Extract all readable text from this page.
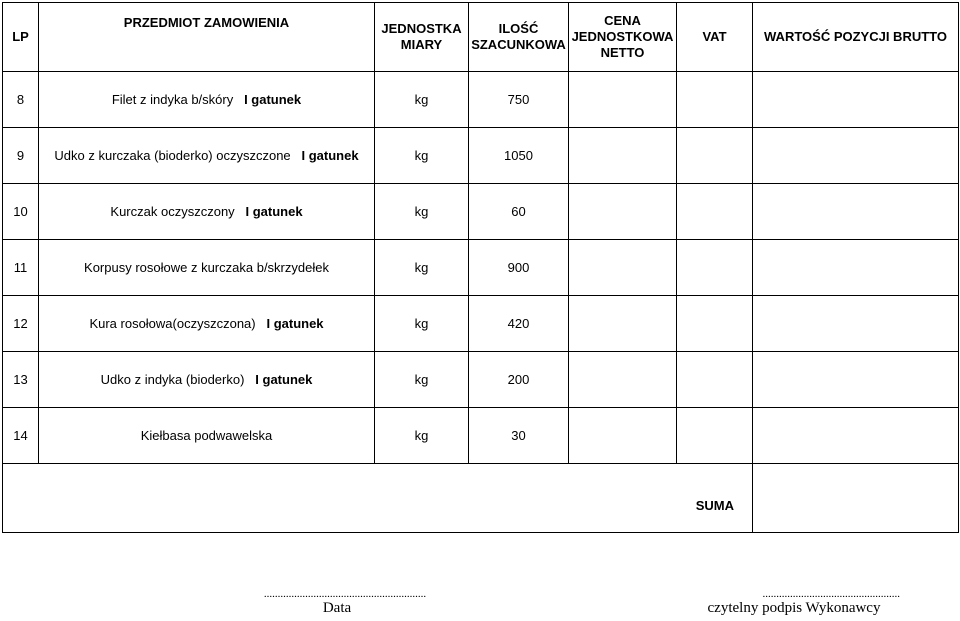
LP	PRZEDMIOT ZAMOWIENIA	JEDNOSTKA MIARY	ILOŚĆ SZACUNKOWA	CENA JEDNOSTKOWA NETTO	VAT	WARTOŚĆ POZYCJI BRUTTO
8	Filet z indyka b/skóry I gatunek	kg	750			
9	Udko z kurczaka (bioderko) oczyszczone I gatunek	kg	1050			
10	Kurczak oczyszczony I gatunek	kg	60			
11	Korpusy rosołowe z kurczaka b/skrzydełek	kg	900			
12	Kura rosołowa(oczyszczona) I gatunek	kg	420			
13	Udko z indyka (bioderko) I gatunek	kg	200			
14	Kiełbasa podwawelska	kg	30			
SUMA						
...........................................................
Data
..................................................
czytelny podpis Wykonawcy
